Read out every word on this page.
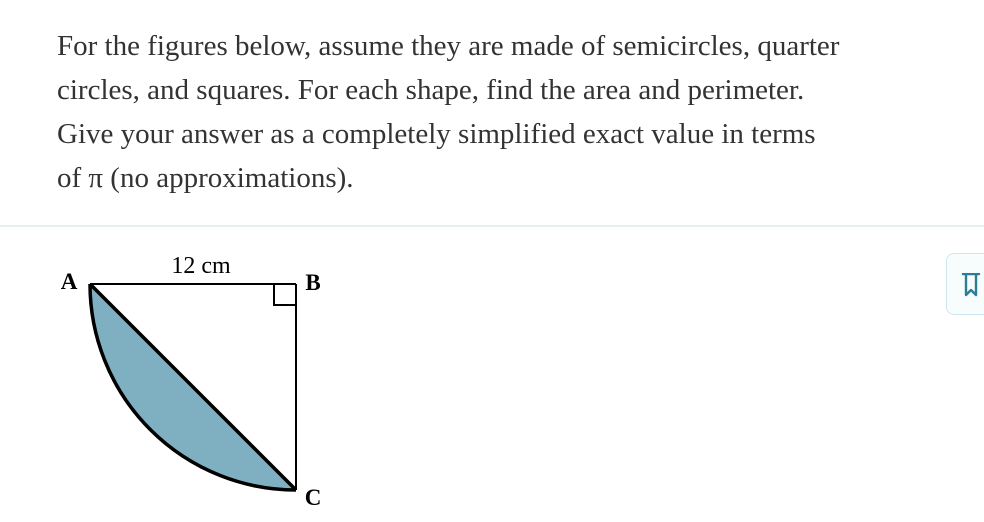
For the figures below, assume they are made of semicircles, quarter

circles, and squares. For each shape, find the area and perimeter.

Give your answer as a completely simplified exact value in terms

of π (no approximations).

12 cm
A	B
C
